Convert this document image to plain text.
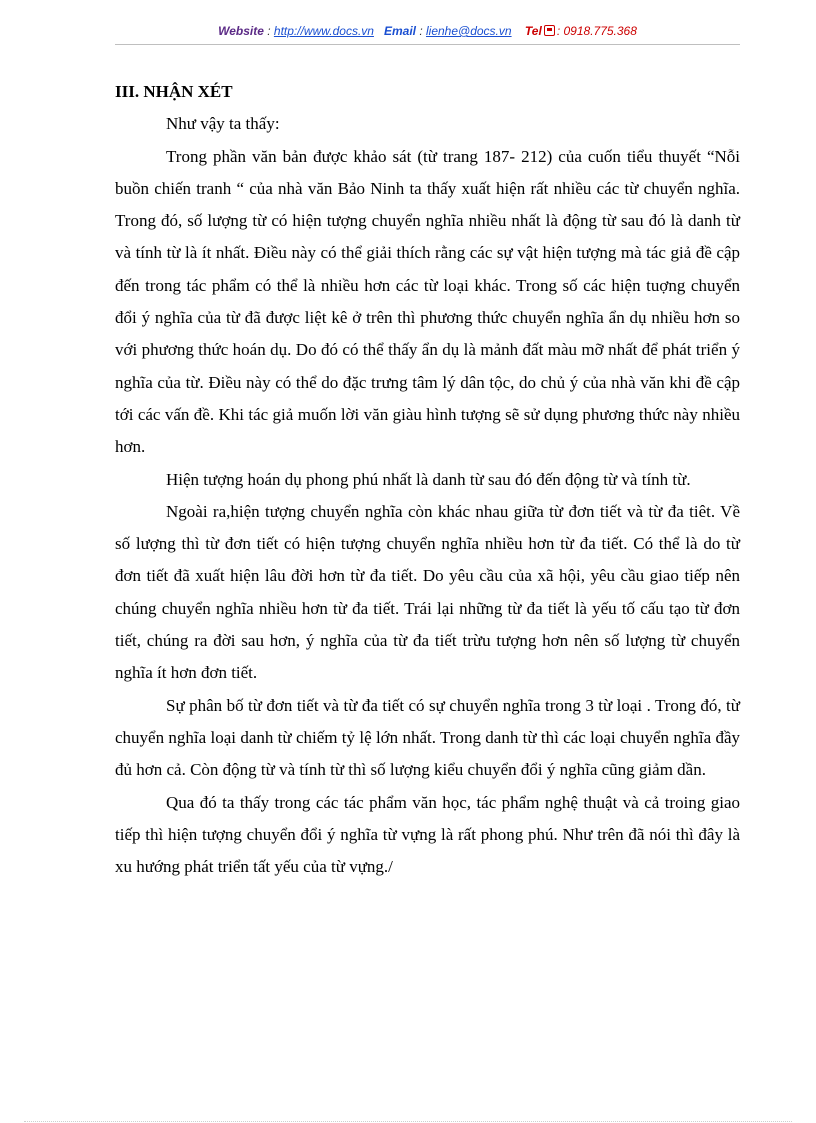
Website : http://www.docs.vn Email : lienhe@docs.vn Tel : 0918.775.368

III. NHẬN XÉT

Như vậy ta thấy:

Trong phần văn bản được khảo sát (từ trang 187- 212) của cuốn tiểu thuyết “Nỗi buồn chiến tranh “ của nhà văn Bảo Ninh ta thấy xuất hiện rất nhiều các từ chuyển nghĩa. Trong đó, số lượng từ có hiện tượng chuyển nghĩa nhiều nhất là động từ sau đó là danh từ và tính từ là ít nhất. Điều này có thể giải thích rằng các sự vật hiện tượng mà tác giả đề cập đến trong tác phẩm có thể là nhiều hơn các từ loại khác. Trong số các hiện tuợng chuyển đổi ý nghĩa của từ đã được liệt kê ở trên thì phương thức chuyển nghĩa ẩn dụ nhiều hơn so với phương thức hoán dụ. Do đó có thể thấy ẩn dụ là mảnh đất màu mỡ nhất để phát triển ý nghĩa của từ. Điều này có thể do đặc trưng tâm lý dân tộc, do chủ ý của nhà văn khi đề cập tới các vấn đề. Khi tác giả muốn lời văn giàu hình tượng sẽ sử dụng phương thức này nhiều hơn.

Hiện tượng hoán dụ phong phú nhất là danh từ sau đó đến động từ và tính từ.

Ngoài ra,hiện tượng chuyển nghĩa còn khác nhau giữa từ đơn tiết và từ đa tiêt. Về số lượng thì từ đơn tiết có hiện tượng chuyển nghĩa nhiều hơn từ đa tiết. Có thể là do từ đơn tiết đã xuất hiện lâu đời hơn từ đa tiết. Do yêu cầu của xã hội, yêu cầu giao tiếp nên chúng chuyển nghĩa nhiều hơn từ đa tiết. Trái lại những từ đa tiết là yếu tố cấu tạo từ đơn tiết, chúng ra đời sau hơn, ý nghĩa của từ đa tiết trừu tượng hơn nên số lượng từ chuyển nghĩa ít hơn đơn tiết.

Sự phân bố từ đơn tiết và từ đa tiết có sự chuyển nghĩa trong 3 từ loại . Trong đó, từ chuyển nghĩa loại danh từ chiếm tỷ lệ lớn nhất. Trong danh từ thì các loại chuyển nghĩa đầy đủ hơn cả. Còn động từ và tính từ thì số lượng kiểu chuyển đổi ý nghĩa cũng giảm dần.

Qua đó ta thấy trong các tác phẩm văn học, tác phẩm nghệ thuật và cả troing giao tiếp thì hiện tượng chuyển đổi ý nghĩa từ vựng là rất phong phú. Như trên đã nói thì đây là xu hướng phát triển tất yếu của từ vựng./
